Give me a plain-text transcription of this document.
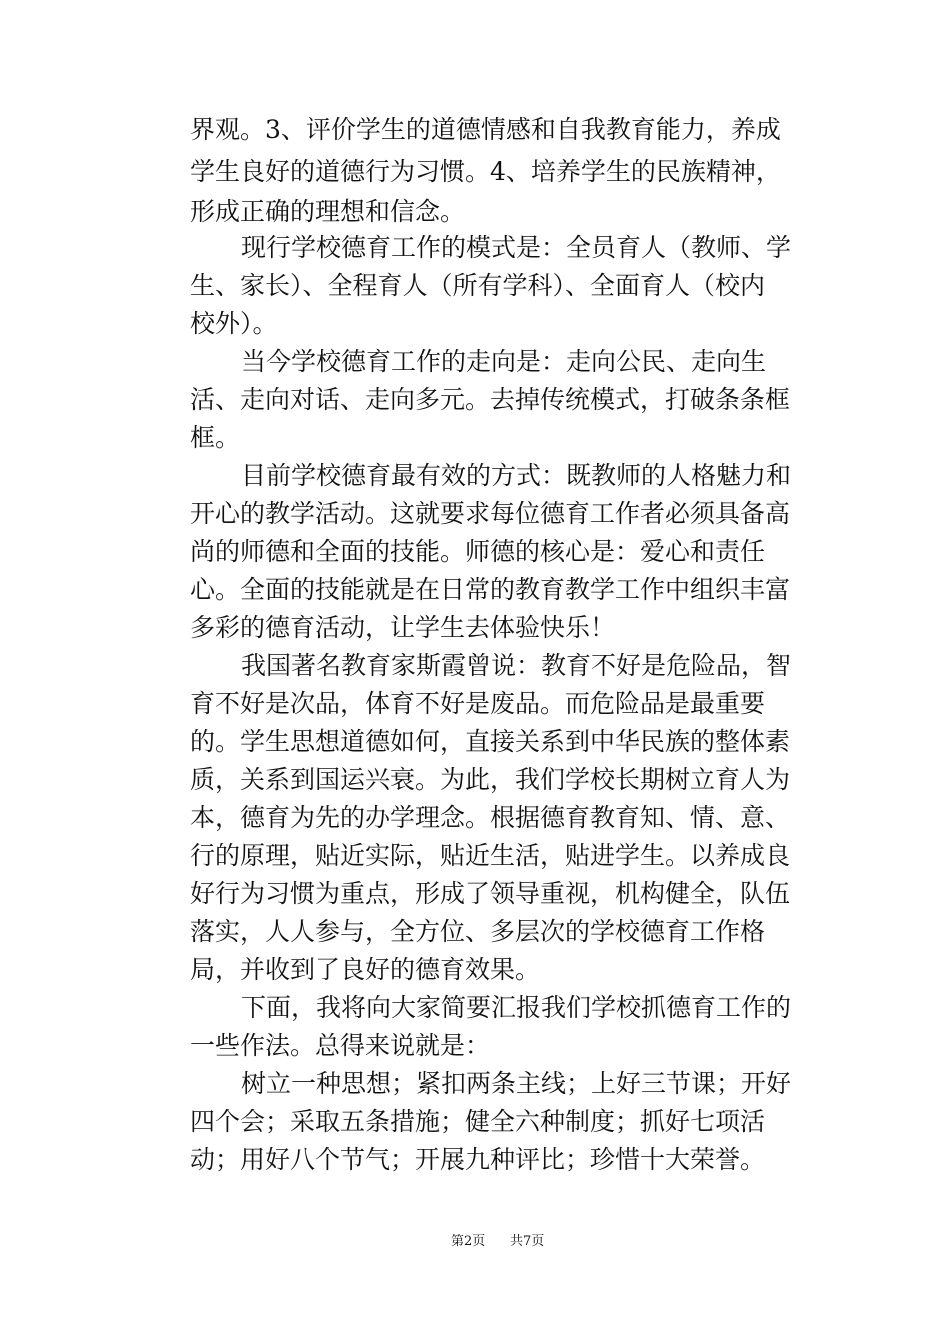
界观。3、评价学生的道德情感和自我教育能力，养成
学生良好的道德行为习惯。4、培养学生的民族精神，
形成正确的理想和信念。
现行学校德育工作的模式是：全员育人（教师、学
生、家长）、全程育人（所有学科）、全面育人（校内
校外）。
当今学校德育工作的走向是：走向公民、走向生
活、走向对话、走向多元。去掉传统模式，打破条条框
框。
目前学校德育最有效的方式：既教师的人格魅力和
开心的教学活动。这就要求每位德育工作者必须具备高
尚的师德和全面的技能。师德的核心是：爱心和责任
心。全面的技能就是在日常的教育教学工作中组织丰富
多彩的德育活动，让学生去体验快乐！
我国著名教育家斯霞曾说：教育不好是危险品，智
育不好是次品，体育不好是废品。而危险品是最重要
的。学生思想道德如何，直接关系到中华民族的整体素
质，关系到国运兴衰。为此，我们学校长期树立育人为
本，德育为先的办学理念。根据德育教育知、情、意、
行的原理，贴近实际，贴近生活，贴进学生。以养成良
好行为习惯为重点，形成了领导重视，机构健全，队伍
落实，人人参与，全方位、多层次的学校德育工作格
局，并收到了良好的德育效果。
下面，我将向大家简要汇报我们学校抓德育工作的
一些作法。总得来说就是：
树立一种思想；紧扣两条主线；上好三节课；开好
四个会；采取五条措施；健全六种制度；抓好七项活
动；用好八个节气；开展九种评比；珍惜十大荣誉。
第2页 共7页
